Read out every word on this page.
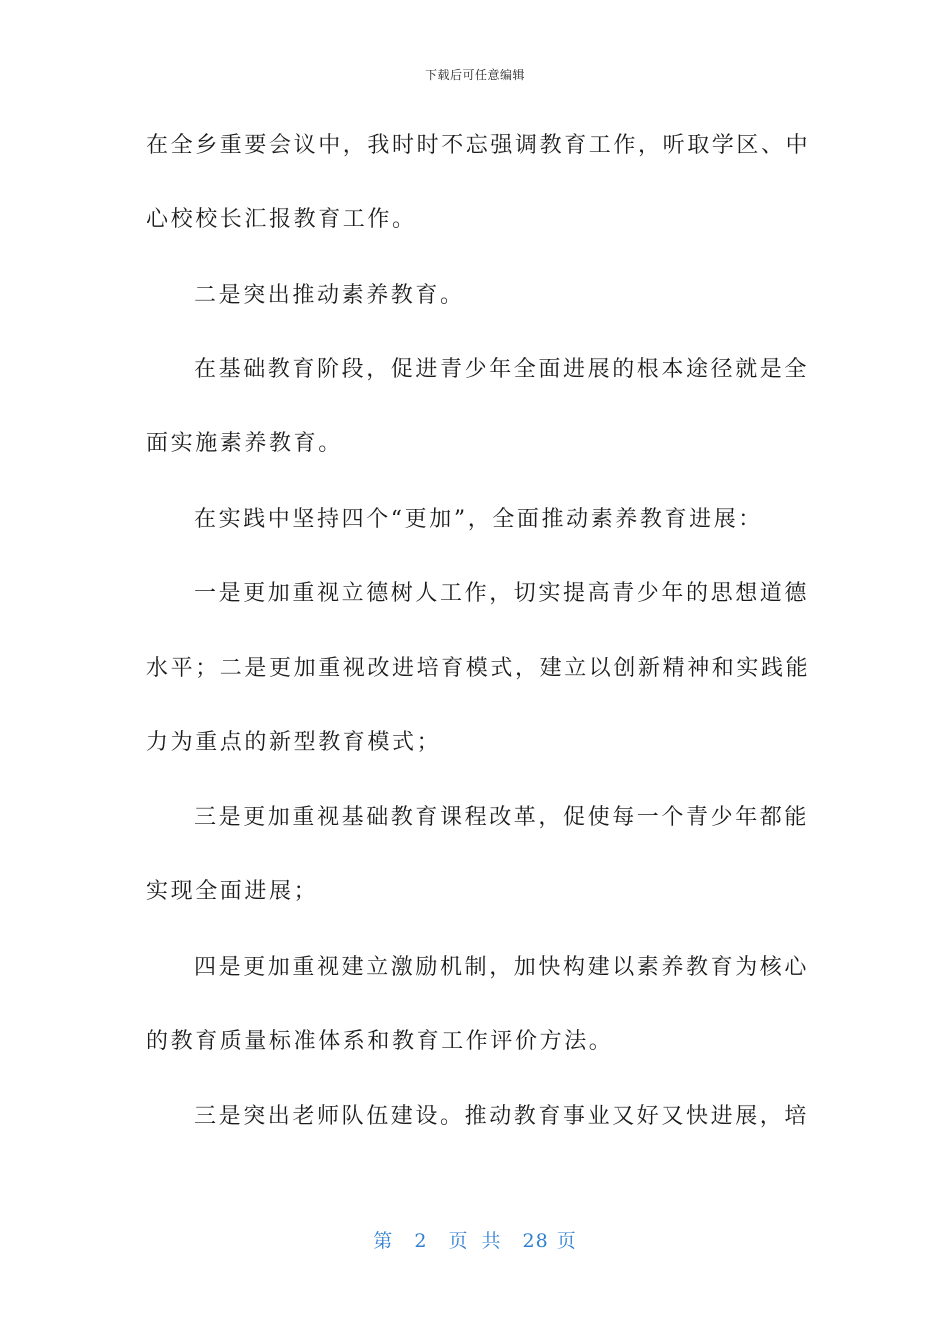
下载后可任意编辑
在全乡重要会议中，我时时不忘强调教育工作，听取学区、中
心校校长汇报教育工作。
二是突出推动素养教育。
在基础教育阶段，促进青少年全面进展的根本途径就是全
面实施素养教育。
在实践中坚持四个“更加”，全面推动素养教育进展：
一是更加重视立德树人工作，切实提高青少年的思想道德
水平；二是更加重视改进培育模式，建立以创新精神和实践能
力为重点的新型教育模式；
三是更加重视基础教育课程改革，促使每一个青少年都能
实现全面进展；
四是更加重视建立激励机制，加快构建以素养教育为核心
的教育质量标准体系和教育工作评价方法。
三是突出老师队伍建设。推动教育事业又好又快进展，培
第 2 页 共 28 页
